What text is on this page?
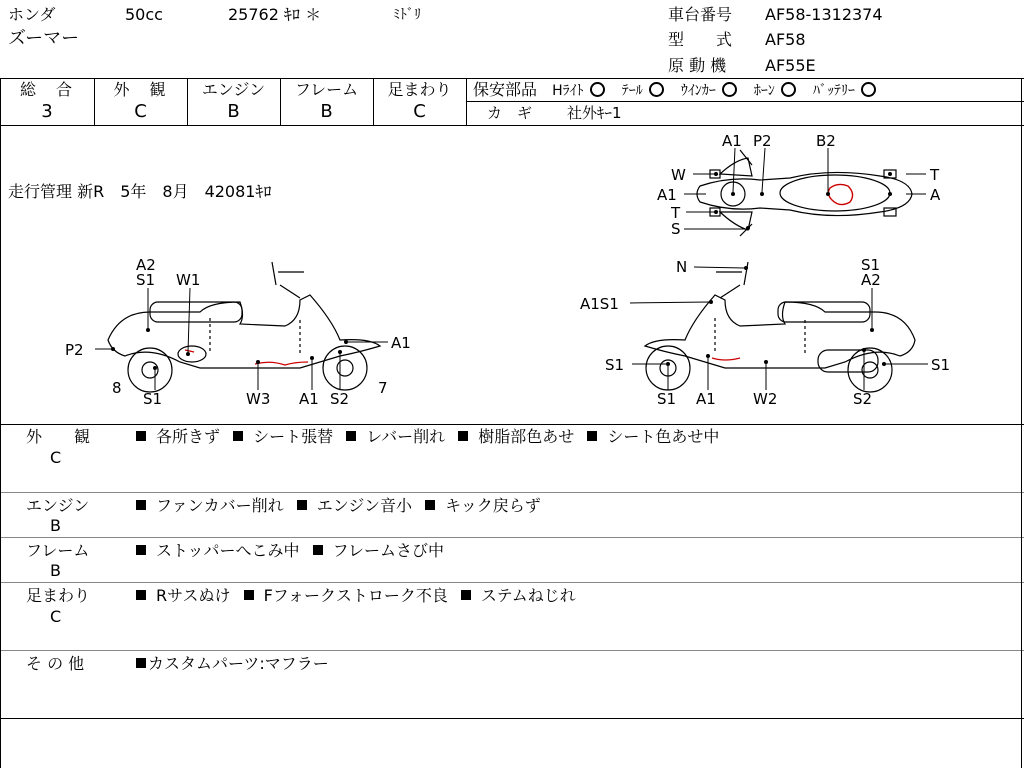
ホンダ	50cc	25762 ｷﾛ ＊	ﾐﾄﾞﾘ
ズーマー
車台番号 AF58-1312374
型　　式 AF58
原 動 機 AF55E
総　合
3
外　観
C
エンジン
B
フレーム
B
足まわり
C
保安部品 Hﾗｲﾄ	ﾃｰﾙ	ｳｲﾝｶｰ	ﾎｰﾝ	ﾊﾞｯﾃﾘｰ
カ　ギ 社外ｷｰ1
走行管理 新R　5年　8月　42081ｷﾛ
A1 P2	B2
W	T
A1	A
T
S
A2
S1 W1
P2	A1
8	7
S1	W3 A1 S2
N	S1
A2
A1S1
S1	S1
S1 A1 W2	S2
外　　観
C
各所きず シート張替 レバー削れ 樹脂部色あせ シート色あせ中
エンジン
B
ファンカバー削れ エンジン音小 キック戻らず
フレーム
B
ストッパーへこみ中 フレームさび中
足まわり
C
Rサスぬけ Fフォークストローク不良 ステムねじれ
そ の 他	カスタムパーツ:マフラー
